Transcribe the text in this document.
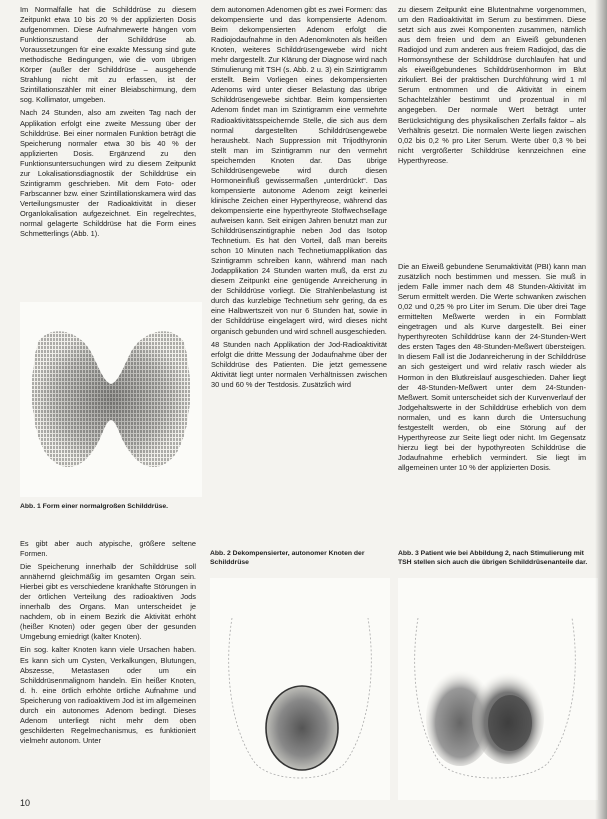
Im Normalfalle hat die Schilddrüse zu diesem Zeitpunkt etwa 10 bis 20 % der applizierten Dosis aufgenommen. Diese Aufnahmewerte hängen vom Funktionszustand der Schilddrüse ab. Voraussetzungen für eine exakte Messung sind gute methodische Bedingungen, wie die vom übrigen Körper (außer der Schilddrüse – ausgehende Strahlung nicht mit zu erfassen, ist der Szintillationszähler mit einer Bleiabschirmung, dem sog. Kollimator, umgeben.

Nach 24 Stunden, also am zweiten Tag nach der Applikation erfolgt eine zweite Messung über der Schilddrüse. Bei einer normalen Funktion beträgt die Speicherung normaler etwa 30 bis 40 % der applizierten Dosis. Ergänzend zu den Funktionsuntersuchungen wird zu diesem Zeitpunkt zur Lokalisationsdiagnostik der Schilddrüse ein Szintigramm geschrieben. Mit dem Foto- oder Farbscanner bzw. einer Szintillationskamera wird das Verteilungsmuster der Radioaktivität in dieser Organlokalisation aufgezeichnet. Ein regelrechtes, normal gelagerte Schilddrüse hat die Form eines Schmetterlings (Abb. 1).

Abb. 1 Form einer normalgroßen Schilddrüse.

Es gibt aber auch atypische, größere seltene Formen.

Die Speicherung innerhalb der Schilddrüse soll annähernd gleichmäßig im gesamten Organ sein. Hierbei gibt es verschiedene krankhafte Störungen in der örtlichen Verteilung des radioaktiven Jods innerhalb des Organs. Man unterscheidet je nachdem, ob in einem Bezirk die Aktivität erhöht (heißer Knoten) oder gegen über der gesunden Umgebung erniedrigt (kalter Knoten).

Ein sog. kalter Knoten kann viele Ursachen haben. Es kann sich um Cysten, Verkalkungen, Blutungen, Abszesse, Metastasen oder um ein Schilddrüsenmalignom handeln. Ein heißer Knoten, d. h. eine örtlich erhöhte örtliche Aufnahme und Speicherung von radioaktivem Jod ist im allgemeinen durch ein autonomes Adenom bedingt. Dieses Adenom unterliegt nicht mehr dem oben geschilderten Regelmechanismus, es funktioniert vielmehr autonom. Unter

dem autonomen Adenomen gibt es zwei Formen: das dekompensierte und das kompensierte Adenom. Beim dekompensierten Adenom erfolgt die Radiojodaufnahme in den Adenomknoten als heißen Knoten, weiteres Schilddrüsengewebe wird nicht mehr dargestellt. Zur Klärung der Diagnose wird nach Stimulierung mit TSH (s. Abb. 2 u. 3) ein Szintigramm erstellt. Beim Vorliegen eines dekompensierten Adenoms wird unter dieser Belastung das übrige Schilddrüsengewebe sichtbar. Beim kompensierten Adenom findet man im Szintigramm eine vermehrte Radioaktivitätsspeichernde Stelle, die sich aus dem normal dargestellten Schilddrüsengewebe heraushebt. Nach Suppression mit Trijodthyronin stellt man im Szintigramm nur den vermehrt speichernden Knoten dar. Das übrige Schilddrüsengewebe wird durch diesen Hormoneinfluß gewissermaßen „unterdrückt“. Das kompensierte autonome Adenom zeigt keinerlei klinische Zeichen einer Hyperthyreose, während das dekompensierte eine hyperthyreote Stoffwechsellage aufweisen kann. Seit einigen Jahren benutzt man zur Schilddrüsenszintigraphie neben Jod das Isotop Technetium. Es hat den Vorteil, daß man bereits schon 10 Minuten nach Technetiumapplikation das Szintigramm schreiben kann, während man nach Jodapplikation 24 Stunden warten muß, da erst zu diesem Zeitpunkt eine genügende Anreicherung in der Schilddrüse vorliegt. Die Strahlenbelastung ist durch das kurzlebige Technetium sehr gering, da es eine Halbwertszeit von nur 6 Stunden hat, sowie in der Schilddrüse eingelagert wird, wird dieses nicht organisch gebunden und wird schnell ausgeschieden.

48 Stunden nach Applikation der Jod-Radioaktivität erfolgt die dritte Messung der Jodaufnahme über der Schilddrüse des Patienten. Die jetzt gemessene Aktivität liegt unter normalen Verhältnissen zwischen 30 und 60 % der Testdosis. Zusätzlich wird

Abb. 2 Dekompensierter, autonomer Knoten der Schilddrüse

zu diesem Zeitpunkt eine Blutentnahme vorgenommen, um den Radioaktivität im Serum zu bestimmen. Diese setzt sich aus zwei Komponenten zusammen, nämlich aus dem freien und dem an Eiweiß gebundenen Radiojod und zum anderen aus freiem Radiojod, das die Hormonsynthese der Schilddrüse durchlaufen hat und als eiweißgebundenes Schilddrüsenhormon im Blut zirkuliert. Bei der praktischen Durchführung wird 1 ml Serum entnommen und die Aktivität in einem Schachtelzähler bestimmt und prozentual in ml angegeben. Der normale Wert beträgt unter Berücksichtigung des physikalischen Zerfalls faktor – als Verhältnis gesetzt. Die normalen Werte liegen zwischen 0,02 bis 0,2 % pro Liter Serum. Werte über 0,3 % bei nicht vergrößerter Schilddrüse kennzeichnen eine Hyperthyreose.

Die an Eiweiß gebundene Serumaktivität (PBI) kann man zusätzlich noch bestimmen und messen. Sie muß in jedem Falle immer nach dem 48 Stunden-Aktivität im Serum ermittelt werden. Die Werte schwanken zwischen 0,02 und 0,25 % pro Liter im Serum. Die über drei Tage ermittelten Meßwerte werden in ein Formblatt eingetragen und als Kurve dargestellt. Bei einer hyperthyreoten Schilddrüse kann der 24-Stunden-Wert des ersten Tages den 48-Stunden-Meßwert übersteigen. In diesem Fall ist die Jodanreicherung in der Schilddrüse an sich gesteigert und wird relativ rasch wieder als Hormon in den Blutkreislauf ausgeschieden. Daher liegt der 48-Stunden-Meßwert unter dem 24-Stunden-Meßwert. Somit unterscheidet sich der Kurvenverlauf der Jodgehaltswerte in der Schilddrüse erheblich von dem normalen, und es kann durch die Untersuchung festgestellt werden, ob eine Störung auf der Hyperthyreose zur Seite liegt oder nicht. Im Gegensatz hierzu liegt bei der hypothyreoten Schilddrüse die Jodaufnahme erheblich vermindert. Sie liegt im allgemeinen unter 10 % der applizierten Dosis.

Abb. 3 Patient wie bei Abbildung 2, nach Stimulierung mit TSH stellen sich auch die übrigen Schilddrüsenanteile dar.
10
